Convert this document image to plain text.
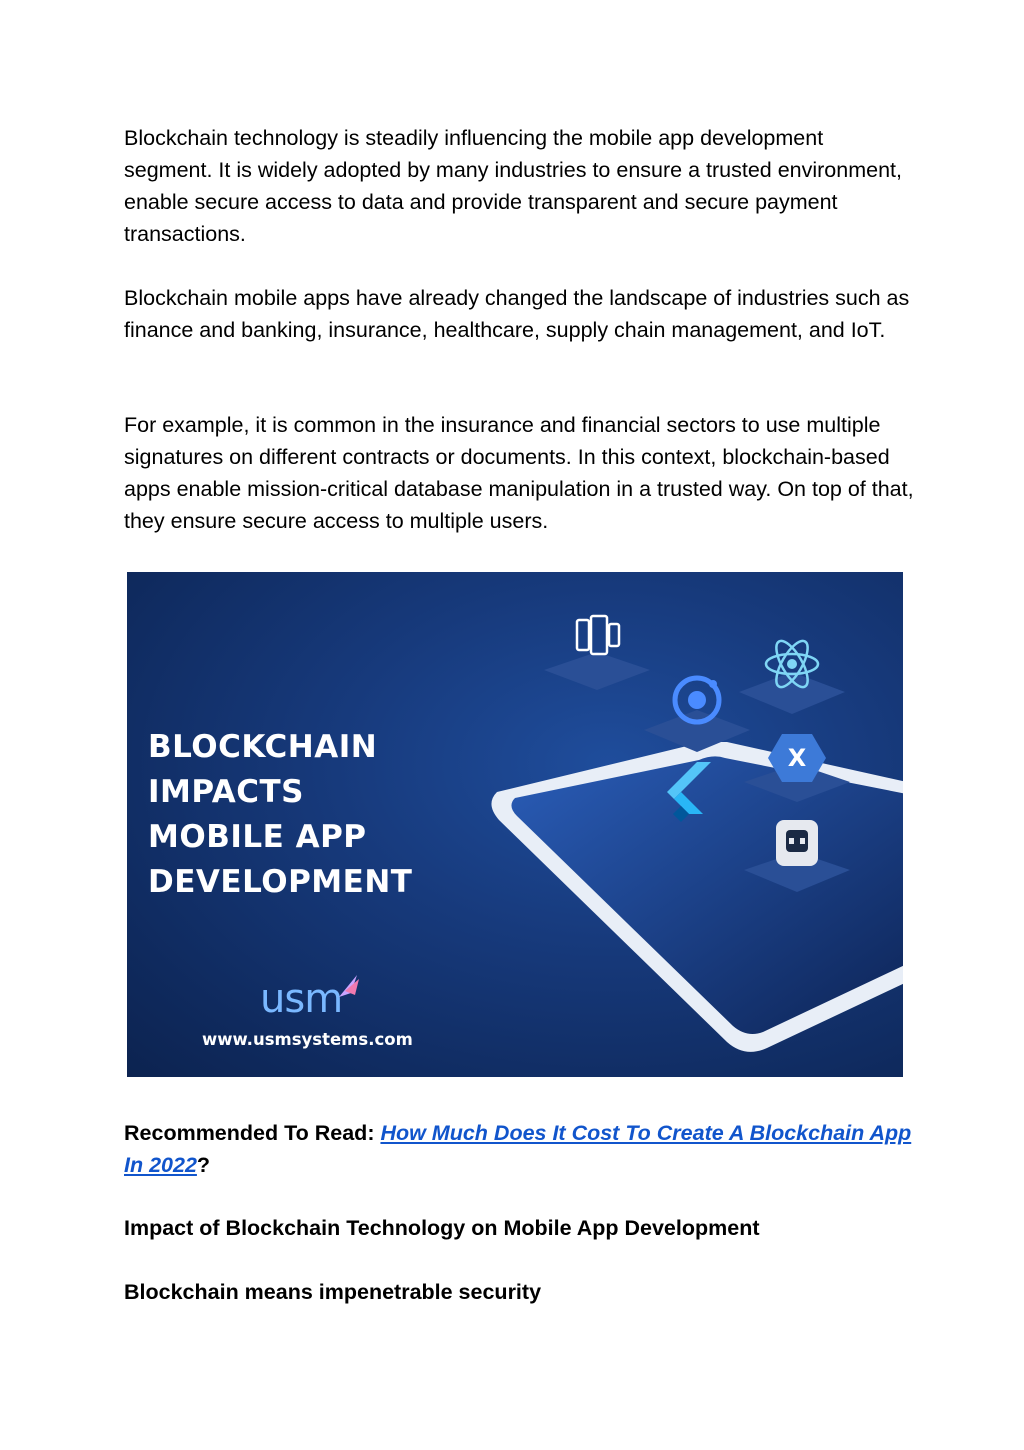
Blockchain technology is steadily influencing the mobile app development segment. It is widely adopted by many industries to ensure a trusted environment, enable secure access to data and provide transparent and secure payment transactions.

Blockchain mobile apps have already changed the landscape of industries such as finance and banking, insurance, healthcare, supply chain management, and IoT.

For example, it is common in the insurance and financial sectors to use multiple signatures on different contracts or documents. In this context, blockchain-based apps enable mission-critical database manipulation in a trusted way. On top of that, they ensure secure access to multiple users.

X
BLOCKCHAIN
IMPACTS
MOBILE APP
DEVELOPMENT
usm
www.usmsystems.com

Recommended To Read: How Much Does It Cost To Create A Blockchain App In 2022?

Impact of Blockchain Technology on Mobile App Development

Blockchain means impenetrable security
